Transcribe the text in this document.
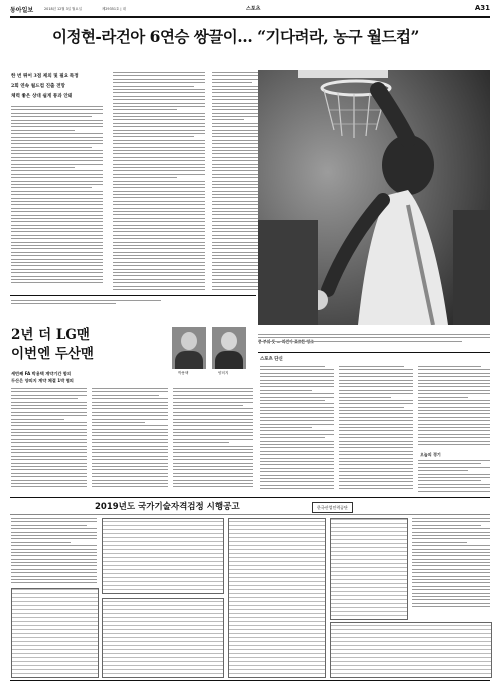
동아일보	2018년 12월 3일 월요일	제29351호 | 대	스포츠	A31
이정현-라건아 6연승 쌍끌이… “기다려라, 농구 월드컵”
한 번 뛰어 3점 제외 및 필요 특정
2회 연속 월드컵 진출 전망
체력 좋은 상대 쉽게 통과 안돼
2년 더 LG맨
이번엔 두산맨
세번째 FA 박용택 계약기간 합의
두산은 양의지 계약 체결 1박 협의
박용택	양의지
스포츠 단신
오늘의 경기
2019년도 국가기술자격검정 시행공고	한국산업인력공단
